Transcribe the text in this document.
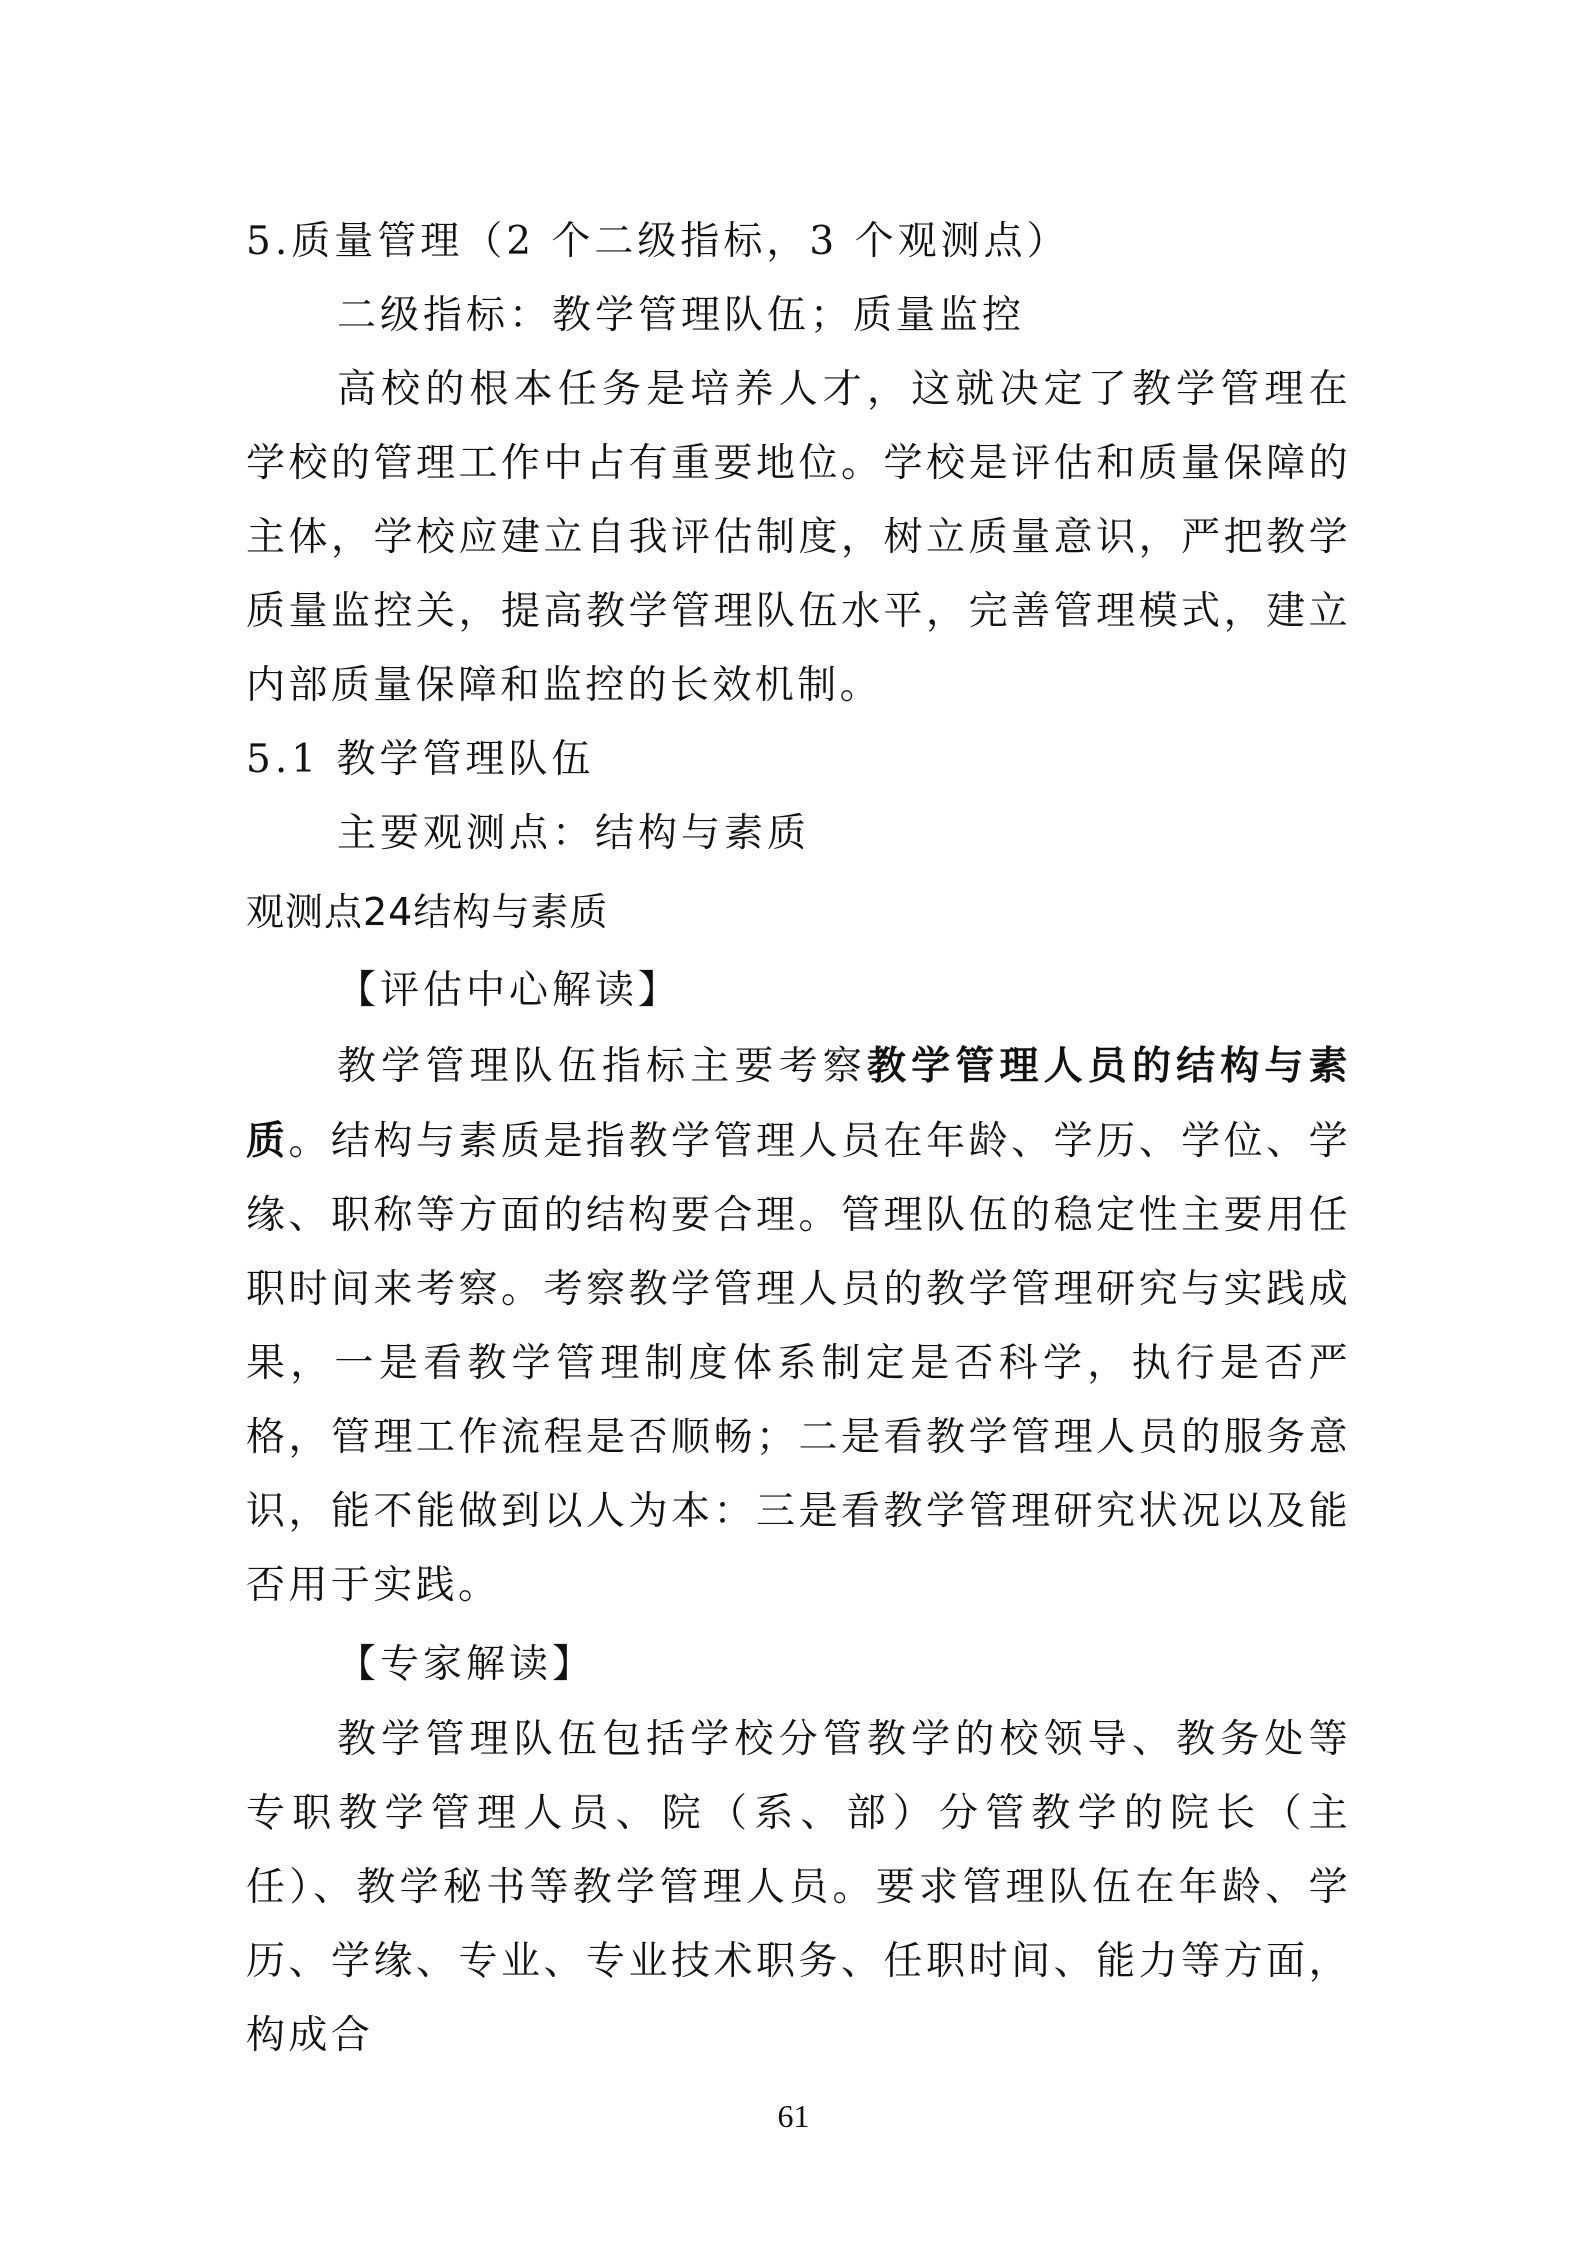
5.质量管理（2 个二级指标，3 个观测点）
二级指标：教学管理队伍；质量监控

高校的根本任务是培养人才，这就决定了教学管理在学校的管理工作中占有重要地位。学校是评估和质量保障的主体，学校应建立自我评估制度，树立质量意识，严把教学质量监控关，提高教学管理队伍水平，完善管理模式，建立内部质量保障和监控的长效机制。

5.1 教学管理队伍
主要观测点：结构与素质
观测点24结构与素质
【评估中心解读】

教学管理队伍指标主要考察教学管理人员的结构与素质。结构与素质是指教学管理人员在年龄、学历、学位、学缘、职称等方面的结构要合理。管理队伍的稳定性主要用任职时间来考察。考察教学管理人员的教学管理研究与实践成果，一是看教学管理制度体系制定是否科学，执行是否严格，管理工作流程是否顺畅；二是看教学管理人员的服务意识，能不能做到以人为本：三是看教学管理研究状况以及能否用于实践。

【专家解读】

教学管理队伍包括学校分管教学的校领导、教务处等专职教学管理人员、院（系、部）分管教学的院长（主任）、教学秘书等教学管理人员。要求管理队伍在年龄、学历、学缘、专业、专业技术职务、任职时间、能力等方面，构成合

61
